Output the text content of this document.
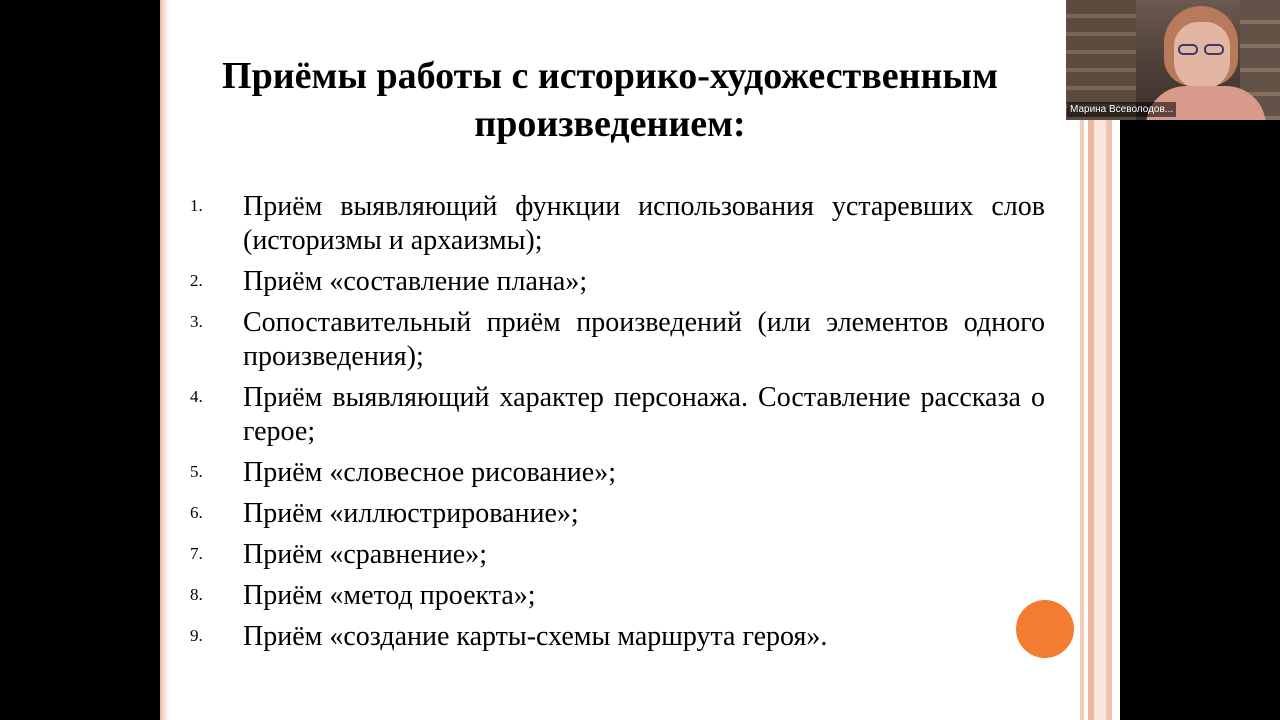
Приёмы работы с историко-художественным произведением:
1.	Приём выявляющий функции использования устаревших слов (историзмы и архаизмы);
2.	Приём «составление плана»;
3.	Сопоставительный приём произведений (или элементов одного произведения);
4.	Приём выявляющий характер персонажа. Составление рассказа о герое;
5.	Приём «словесное рисование»;
6.	Приём «иллюстрирование»;
7.	Приём «сравнение»;
8.	Приём «метод проекта»;
9.	Приём «создание карты-схемы маршрута героя».
Марина Всеволодов...
